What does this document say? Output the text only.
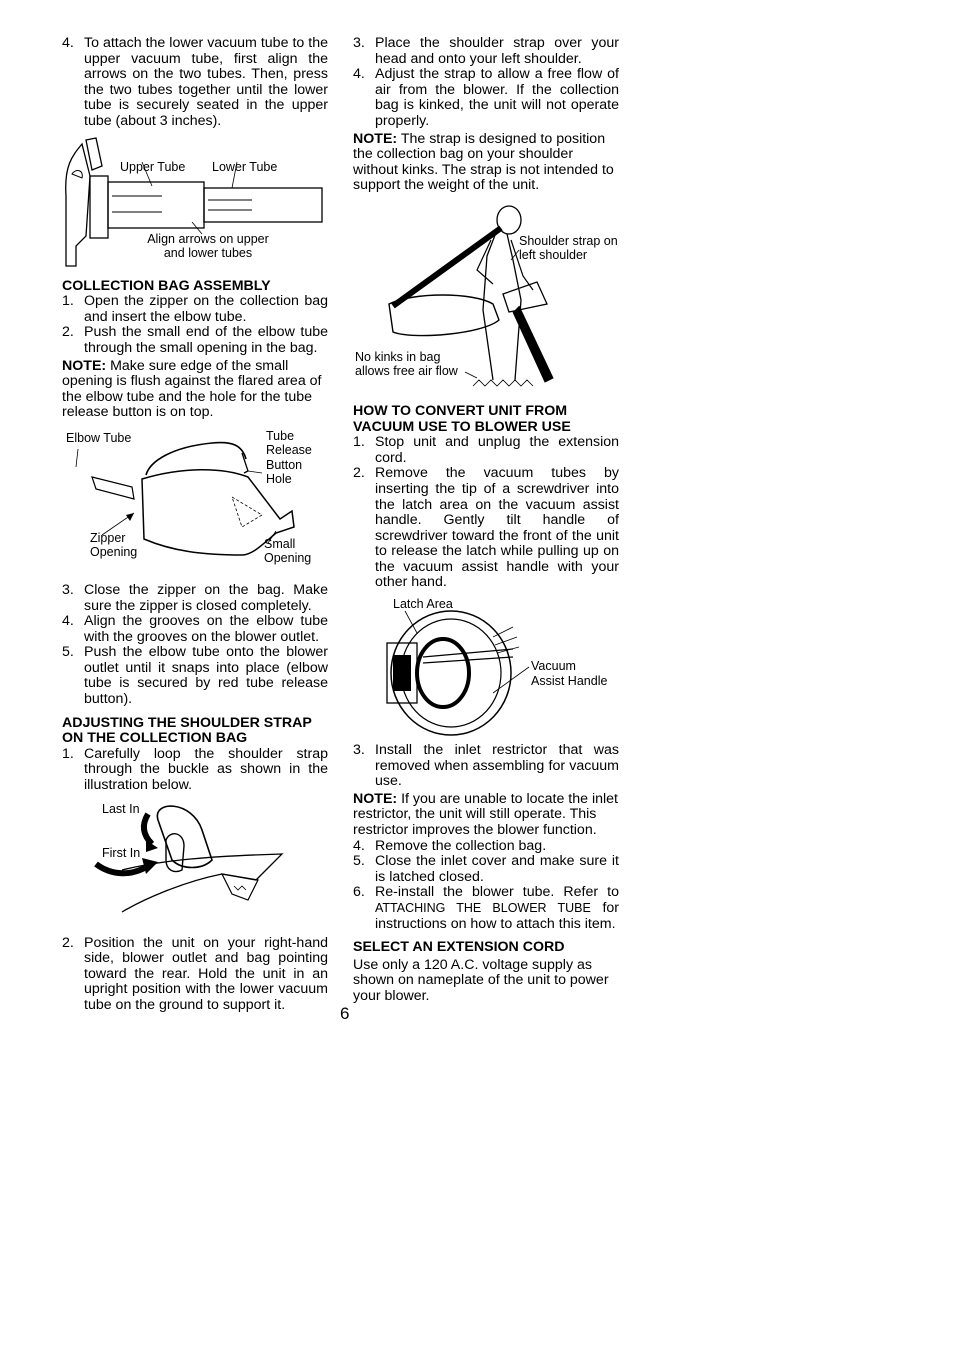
4. To attach the lower vacuum tube to the upper vacuum tube, first align the arrows on the two tubes. Then, press the two tubes together until the lower tube is securely seated in the upper tube (about 3 inches).
Upper Tube Lower Tube
Align arrows on upper and lower tubes
COLLECTION BAG ASSEMBLY
1. Open the zipper on the collection bag and insert the elbow tube.
2. Push the small end of the elbow tube through the small opening in the bag.
NOTE: Make sure edge of the small opening is flush against the flared area of the elbow tube and the hole for the tube release button is on top.
Elbow Tube	Tube Release Button Hole
Zipper Opening
Small Opening
3. Close the zipper on the bag. Make sure the zipper is closed completely.
4. Align the grooves on the elbow tube with the grooves on the blower outlet.
5. Push the elbow tube onto the blower outlet until it snaps into place (elbow tube is secured by red tube release button).
ADJUSTING THE SHOULDER STRAP ON THE COLLECTION BAG
1. Carefully loop the shoulder strap through the buckle as shown in the illustration below.
Last In
First In
2. Position the unit on your right-hand side, blower outlet and bag pointing toward the rear. Hold the unit in an upright position with the lower vacuum tube on the ground to support it.
3. Place the shoulder strap over your head and onto your left shoulder.
4. Adjust the strap to allow a free flow of air from the blower. If the collection bag is kinked, the unit will not operate properly.
NOTE: The strap is designed to position the collection bag on your shoulder without kinks. The strap is not intended to support the weight of the unit.
Shoulder strap on left shoulder
No kinks in bag allows free air flow
HOW TO CONVERT UNIT FROM VACUUM USE TO BLOWER USE
1. Stop unit and unplug the extension cord.
2. Remove the vacuum tubes by inserting the tip of a screwdriver into the latch area on the vacuum assist handle. Gently tilt handle of screwdriver toward the front of the unit to release the latch while pulling up on the vacuum assist handle with your other hand.
Latch Area
Vacuum Assist Handle
3. Install the inlet restrictor that was removed when assembling for vacuum use.
NOTE: If you are unable to locate the inlet restrictor, the unit will still operate. This restrictor improves the blower function.
4. Remove the collection bag.
5. Close the inlet cover and make sure it is latched closed.
6. Re-install the blower tube. Refer to ATTACHING THE BLOWER TUBE for instructions on how to attach this item.
SELECT AN EXTENSION CORD
Use only a 120 A.C. voltage supply as shown on nameplate of the unit to power your blower.
6
